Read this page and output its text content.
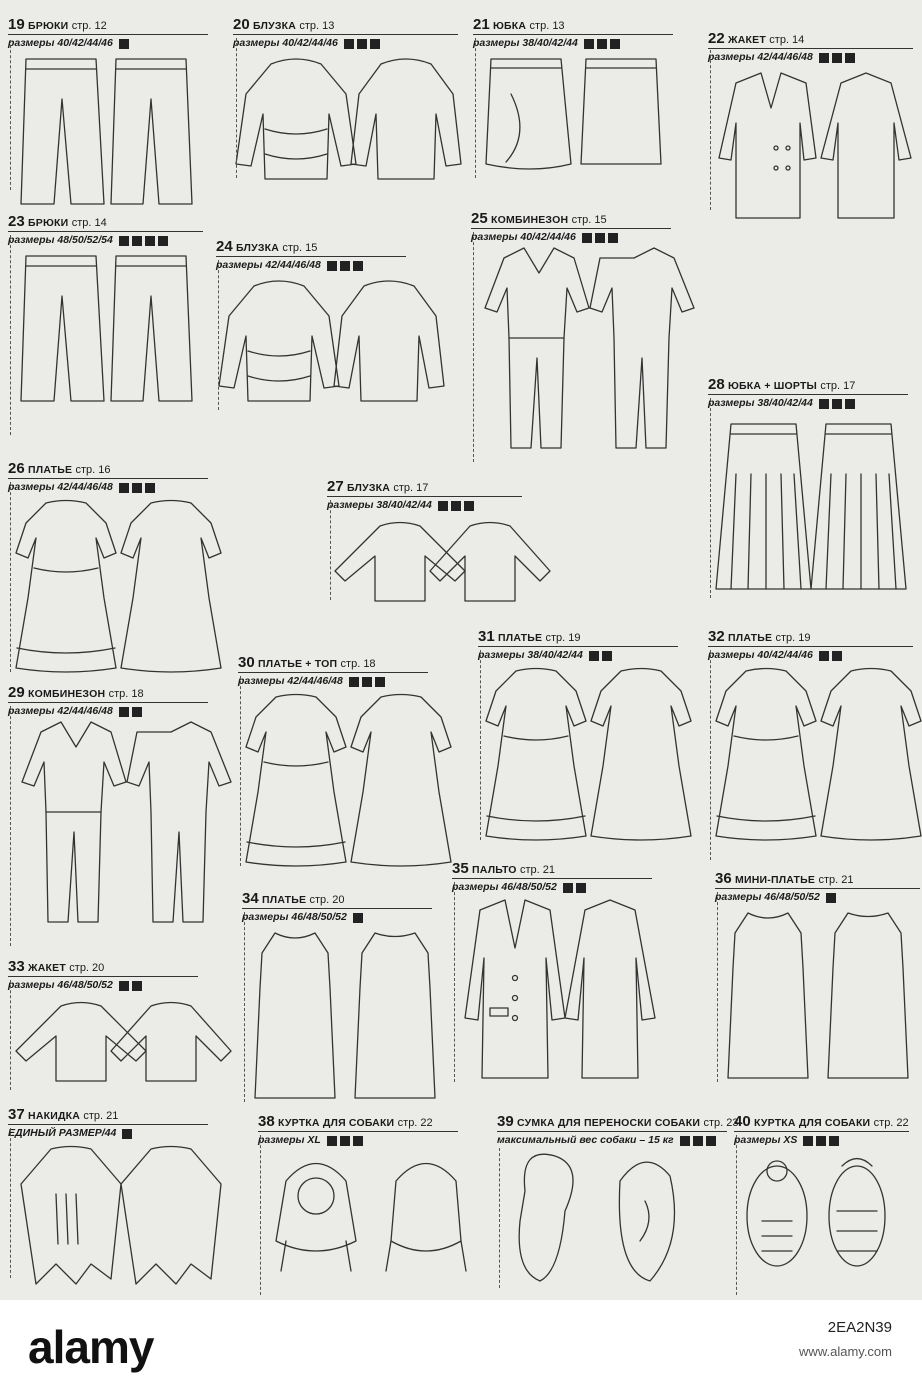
19 БРЮКИ стр. 12
размеры 40/42/44/46
20 БЛУЗКА стр. 13
размеры 40/42/44/46
21 ЮБКА стр. 13
размеры 38/40/42/44	22 ЖАКЕТ стр. 14
размеры 42/44/46/48
23 БРЮКИ стр. 14
размеры 48/50/52/54	24 БЛУЗКА стр. 15
размеры 42/44/46/48
25 КОМБИНЕЗОН стр. 15
размеры 40/42/44/46
28 ЮБКА + ШОРТЫ стр. 17
размеры 38/40/42/44
26 ПЛАТЬЕ стр. 16
размеры 42/44/46/48	27 БЛУЗКА стр. 17
размеры 38/40/42/44
31 ПЛАТЬЕ стр. 19
размеры 38/40/42/44
32 ПЛАТЬЕ стр. 19
размеры 40/42/44/46
29 КОМБИНЕЗОН стр. 18
размеры 42/44/46/48
30 ПЛАТЬЕ + ТОП стр. 18
размеры 42/44/46/48
35 ПАЛЬТО стр. 21
размеры 46/48/50/52	36 МИНИ-ПЛАТЬЕ стр. 21
размеры 46/48/50/52
34 ПЛАТЬЕ стр. 20
размеры 46/48/50/52
33 ЖАКЕТ стр. 20
размеры 46/48/50/52
37 НАКИДКА стр. 21
ЕДИНЫЙ РАЗМЕР/44
38 КУРТКА ДЛЯ СОБАКИ стр. 22
размеры XL
39 СУМКА ДЛЯ ПЕРЕНОСКИ СОБАКИ стр. 23
максимальный вес собаки – 15 кг
40 КУРТКА ДЛЯ СОБАКИ стр. 22
размеры XS
alamy	2EA2N39
www.alamy.com
